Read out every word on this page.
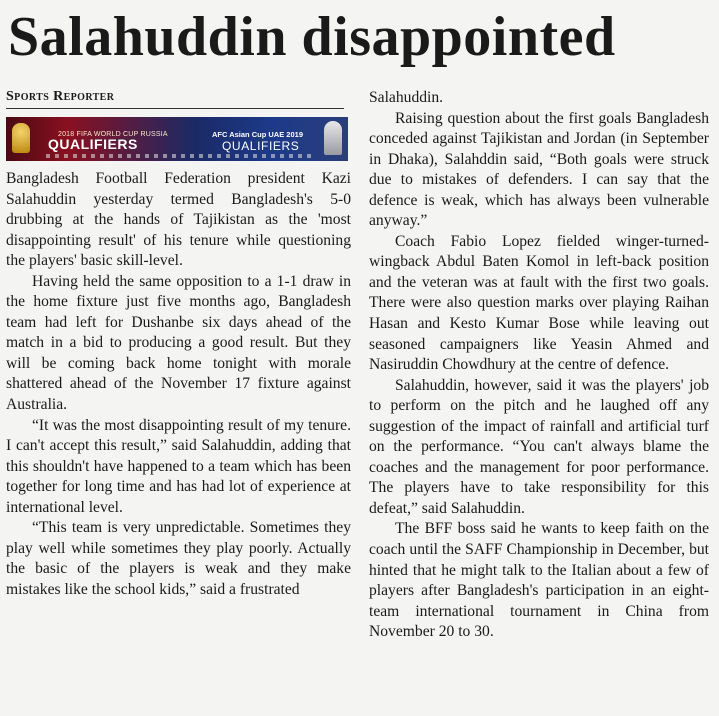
Salahuddin disappointed
Sports Reporter
2018 FIFA WORLD CUP RUSSIA
QUALIFIERS
AFC Asian Cup UAE 2019
QUALIFIERS

Bangladesh Football Federation president Kazi Salahuddin yesterday termed Bangladesh's 5-0 drubbing at the hands of Tajikistan as the 'most disappointing result' of his tenure while questioning the players' basic skill-level.

Having held the same opposition to a 1-1 draw in the home fixture just five months ago, Bangladesh team had left for Dushanbe six days ahead of the match in a bid to producing a good result. But they will be coming back home tonight with morale shattered ahead of the November 17 fixture against Australia.

“It was the most disappointing result of my tenure. I can't accept this result,” said Salahuddin, adding that this shouldn't have happened to a team which has been together for long time and has had lot of experience at international level.

“This team is very unpredictable. Sometimes they play well while sometimes they play poorly. Actually the basic of the players is weak and they make mistakes like the school kids,” said a frustrated

Salahuddin.

Raising question about the first goals Bangladesh conceded against Tajikistan and Jordan (in September in Dhaka), Salahddin said, “Both goals were struck due to mistakes of defenders. I can say that the defence is weak, which has always been vulnerable anyway.”

Coach Fabio Lopez fielded winger-turned-wingback Abdul Baten Komol in left-back position and the veteran was at fault with the first two goals. There were also question marks over playing Raihan Hasan and Kesto Kumar Bose while leaving out seasoned campaigners like Yeasin Ahmed and Nasiruddin Chowdhury at the centre of defence.

Salahuddin, however, said it was the players' job to perform on the pitch and he laughed off any suggestion of the impact of rainfall and artificial turf on the performance. “You can't always blame the coaches and the management for poor performance. The players have to take responsibility for this defeat,” said Salahuddin.

The BFF boss said he wants to keep faith on the coach until the SAFF Championship in December, but hinted that he might talk to the Italian about a few of players after Bangladesh's participation in an eight-team international tournament in China from November 20 to 30.
